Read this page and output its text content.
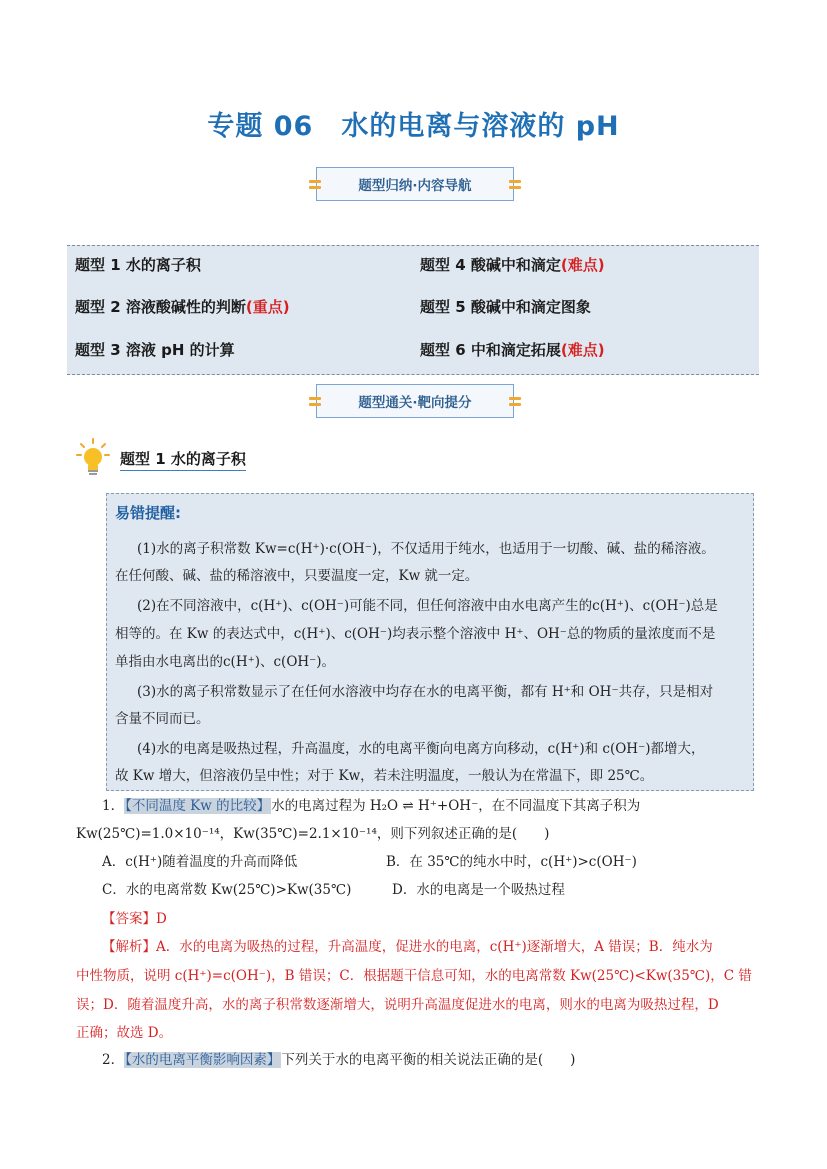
专题 06　水的电离与溶液的 pH
题型归纳·内容导航
题型 1 水的离子积	题型 4 酸碱中和滴定(难点)
题型 2 溶液酸碱性的判断(重点)	题型 5 酸碱中和滴定图象
题型 3 溶液 pH 的计算	题型 6 中和滴定拓展(难点)
题型通关·靶向提分
题型 1 水的离子积
易错提醒:
(1)水的离子积常数 Kw=c(H⁺)·c(OH⁻)，不仅适用于纯水，也适用于一切酸、碱、盐的稀溶液。
在任何酸、碱、盐的稀溶液中，只要温度一定，Kw 就一定。
(2)在不同溶液中，c(H⁺)、c(OH⁻)可能不同，但任何溶液中由水电离产生的c(H⁺)、c(OH⁻)总是
相等的。在 Kw 的表达式中，c(H⁺)、c(OH⁻)均表示整个溶液中 H⁺、OH⁻总的物质的量浓度而不是
单指由水电离出的c(H⁺)、c(OH⁻)。
(3)水的离子积常数显示了在任何水溶液中均存在水的电离平衡，都有 H⁺和 OH⁻共存，只是相对
含量不同而已。
(4)水的电离是吸热过程，升高温度，水的电离平衡向电离方向移动，c(H⁺)和 c(OH⁻)都增大，
故 Kw 增大，但溶液仍呈中性；对于 Kw，若未注明温度，一般认为在常温下，即 25℃。
1．【不同温度 Kw 的比较】水的电离过程为 H₂O ⇌ H⁺+OH⁻，在不同温度下其离子积为
Kw(25℃)=1.0×10⁻¹⁴，Kw(35℃)=2.1×10⁻¹⁴，则下列叙述正确的是(　　)
A．c(H⁺)随着温度的升高而降低	B．在 35℃的纯水中时，c(H⁺)>c(OH⁻)
C．水的电离常数 Kw(25℃)>Kw(35℃)	D．水的电离是一个吸热过程
【答案】D
【解析】A．水的电离为吸热的过程，升高温度，促进水的电离，c(H⁺)逐渐增大，A 错误；B．纯水为
中性物质，说明 c(H⁺)=c(OH⁻)，B 错误；C．根据题干信息可知，水的电离常数 Kw(25℃)<Kw(35℃)，C 错
误；D．随着温度升高，水的离子积常数逐渐增大，说明升高温度促进水的电离，则水的电离为吸热过程，D
正确；故选 D。
2．【水的电离平衡影响因素】下列关于水的电离平衡的相关说法正确的是(　　)
